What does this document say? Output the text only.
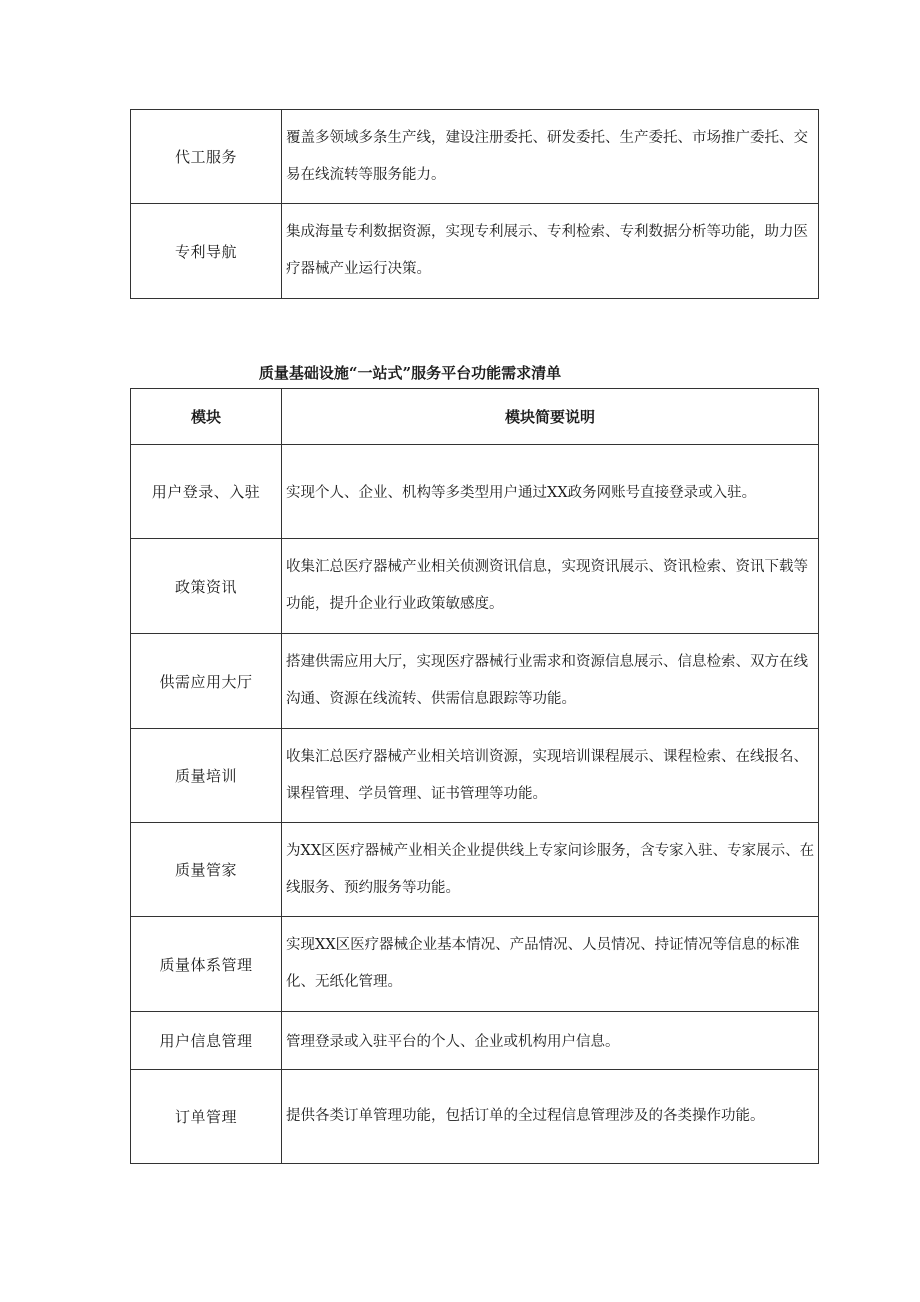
代工服务	覆盖多领域多条生产线，建设注册委托、研发委托、生产委托、市场推广委托、交易在线流转等服务能力。
专利导航	集成海量专利数据资源，实现专利展示、专利检索、专利数据分析等功能，助力医疗器械产业运行决策。
质量基础设施“一站式”服务平台功能需求清单
模块	模块简要说明
用户登录、入驻	实现个人、企业、机构等多类型用户通过XX政务网账号直接登录或入驻。
政策资讯	收集汇总医疗器械产业相关侦测资讯信息，实现资讯展示、资讯检索、资讯下载等功能，提升企业行业政策敏感度。
供需应用大厅	搭建供需应用大厅，实现医疗器械行业需求和资源信息展示、信息检索、双方在线沟通、资源在线流转、供需信息跟踪等功能。
质量培训	收集汇总医疗器械产业相关培训资源，实现培训课程展示、课程检索、在线报名、课程管理、学员管理、证书管理等功能。
质量管家	为XX区医疗器械产业相关企业提供线上专家问诊服务，含专家入驻、专家展示、在线服务、预约服务等功能。
质量体系管理	实现XX区医疗器械企业基本情况、产品情况、人员情况、持证情况等信息的标准化、无纸化管理。
用户信息管理	管理登录或入驻平台的个人、企业或机构用户信息。
订单管理	提供各类订单管理功能，包括订单的全过程信息管理涉及的各类操作功能。
